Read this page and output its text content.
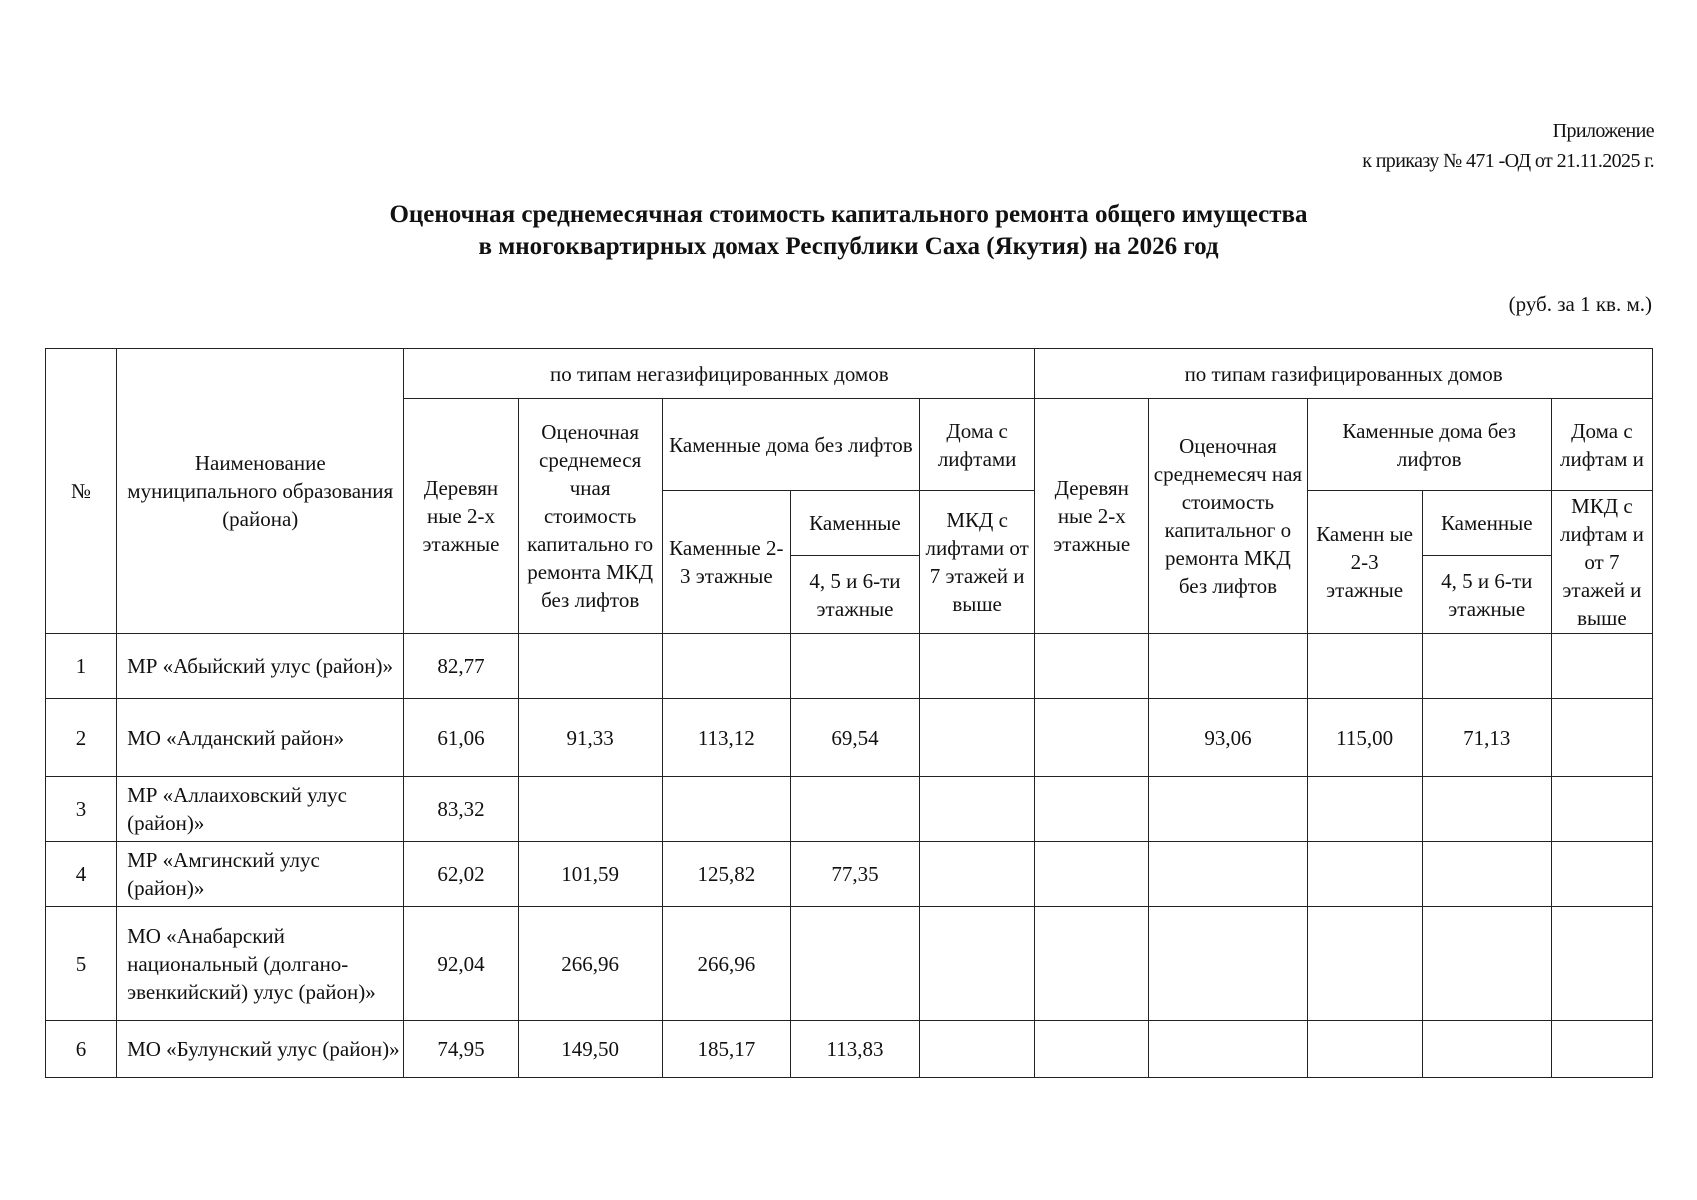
Приложение
к приказу № 471 -ОД от 21.11.2025 г.
Оценочная среднемесячная стоимость капитального ремонта общего имущества
в многоквартирных домах Республики Саха (Якутия) на 2026 год
(руб. за 1 кв. м.)
№	Наименование муниципального образования (района)	по типам негазифицированных домов					по типам газифицированных домов				
		Деревян ные 2-х этажные	Оценочная среднемеся чная стоимость капитально го ремонта МКД без лифтов	Каменные дома без лифтов		Дома с лифтами	Деревян ные 2-х этажные	Оценочная среднемесяч ная стоимость капитальног о ремонта МКД без лифтов	Каменные дома без лифтов		Дома с лифтам и
				Каменные 2-3 этажные	Каменные	МКД с лифтами от 7 этажей и выше			Каменн ые 2-3 этажные	Каменные	МКД с лифтам и от 7 этажей и выше
					4, 5 и 6-ти этажные					4, 5 и 6-ти этажные	
1	МР «Абыйский улус (район)»	82,77									
2	МО «Алданский район»	61,06	91,33	113,12	69,54			93,06	115,00	71,13	
3	МР «Аллаиховский улус (район)»	83,32									
4	МР «Амгинский улус (район)»	62,02	101,59	125,82	77,35						
5	МО «Анабарский национальный (долгано-эвенкийский) улус (район)»	92,04	266,96	266,96							
6	МО «Булунский улус (район)»	74,95	149,50	185,17	113,83						
